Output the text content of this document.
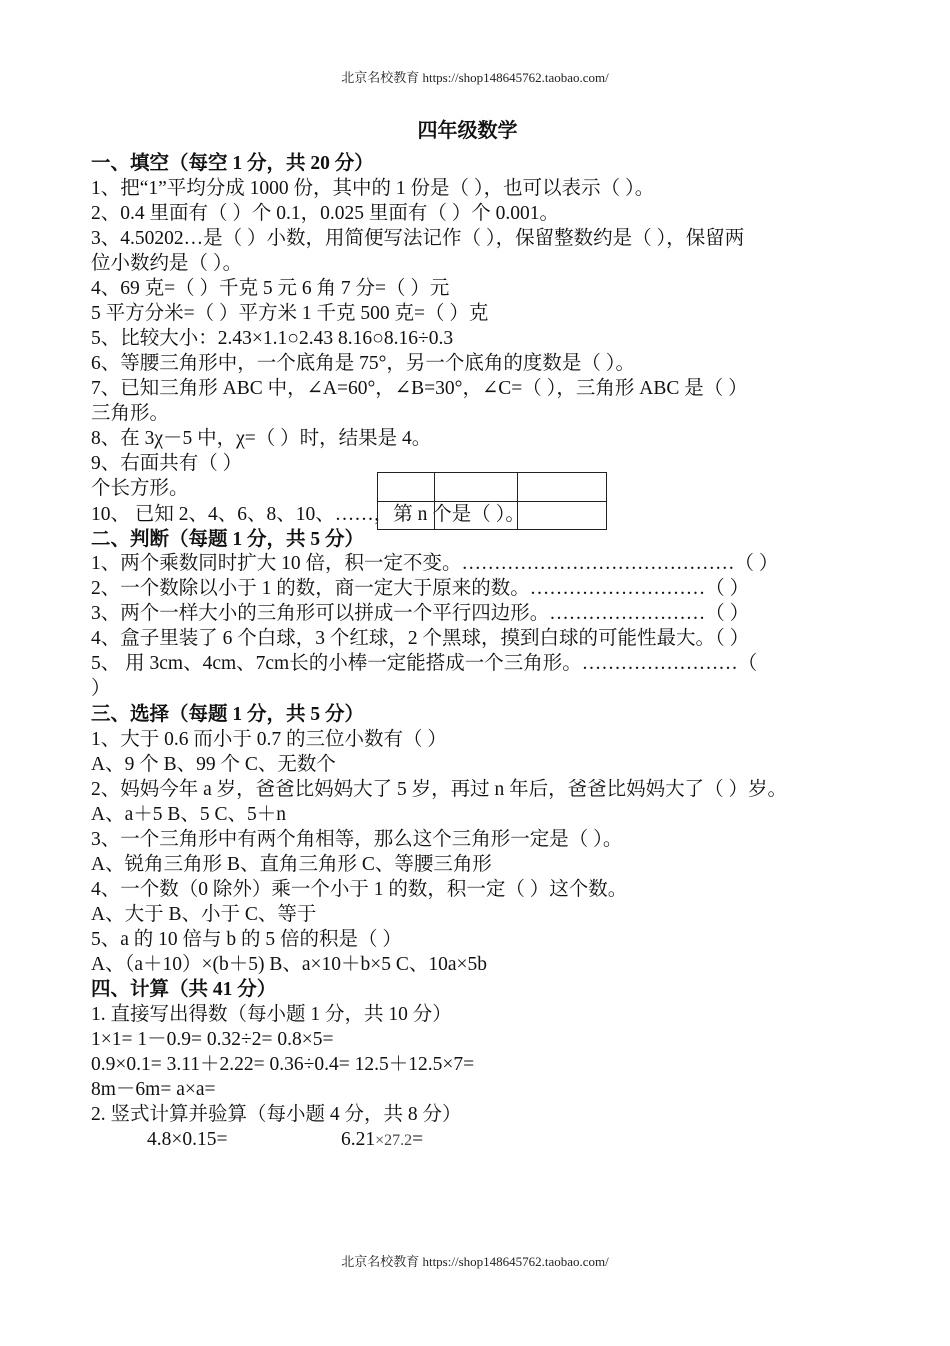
北京名校教育 https://shop148645762.taobao.com/
四年级数学
一、填空（每空 1 分，共 20 分）
1、把“1”平均分成 1000 份，其中的 1 份是（ ），也可以表示（ ）。
2、0.4 里面有（ ）个 0.1，0.025 里面有（ ）个 0.001。
3、4.50202…是（ ）小数，用简便写法记作（ ），保留整数约是（ ），保留两
位小数约是（ ）。
4、69 克=（ ）千克 5 元 6 角 7 分=（ ）元
5 平方分米=（ ）平方米 1 千克 500 克=（ ）克
5、比较大小：2.43×1.1○2.43 8.16○8.16÷0.3
6、等腰三角形中，一个底角是 75°，另一个底角的度数是（ ）。
7、已知三角形 ABC 中，∠A=60°，∠B=30°，∠C=（ ），三角形 ABC 是（ ）
三角形。
8、在 3χ－5 中，χ=（ ）时，结果是 4。
9、右面共有（ ）
个长方形。
10、 已知 2、4、6、8、10、……，第 n 个是（ ）。
二、判断（每题 1 分，共 5 分）
1、两个乘数同时扩大 10 倍，积一定不变。……………………………………（ ）
2、一个数除以小于 1 的数，商一定大于原来的数。………………………（ ）
3、两个一样大小的三角形可以拼成一个平行四边形。……………………（ ）
4、盒子里装了 6 个白球，3 个红球，2 个黑球，摸到白球的可能性最大。（ ）
5、 用 3cm、4cm、7cm长的小棒一定能搭成一个三角形。……………………（
）
三、选择（每题 1 分，共 5 分）
1、大于 0.6 而小于 0.7 的三位小数有（ ）
A、9 个 B、99 个 C、无数个
2、妈妈今年 a 岁，爸爸比妈妈大了 5 岁，再过 n 年后，爸爸比妈妈大了（ ）岁。
A、a＋5 B、5 C、5＋n
3、一个三角形中有两个角相等，那么这个三角形一定是（ ）。
A、锐角三角形 B、直角三角形 C、等腰三角形
4、一个数（0 除外）乘一个小于 1 的数，积一定（ ）这个数。
A、大于 B、小于 C、等于
5、a 的 10 倍与 b 的 5 倍的积是（ ）
A、（a＋10）×(b＋5) B、a×10＋b×5 C、10a×5b
四、计算（共 41 分）
1. 直接写出得数（每小题 1 分，共 10 分）
1×1= 1－0.9= 0.32÷2= 0.8×5=
0.9×0.1= 3.11＋2.22= 0.36÷0.4= 12.5＋12.5×7=
8m－6m= a×a=
2. 竖式计算并验算（每小题 4 分，共 8 分）
4.8×0.15=	6.21×27.2=
北京名校教育 https://shop148645762.taobao.com/
